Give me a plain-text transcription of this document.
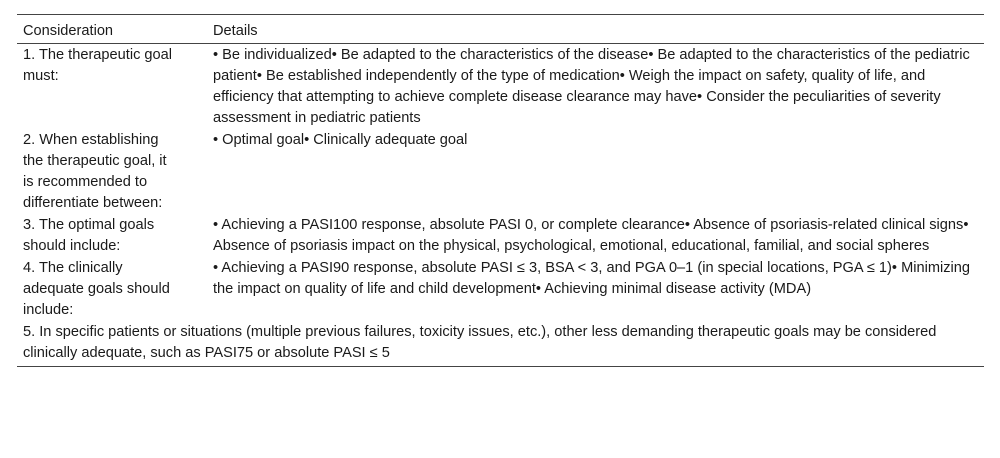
Consideration	Details
1. The therapeutic goal must:	• Be individualized• Be adapted to the characteristics of the disease• Be adapted to the characteristics of the pediatric patient• Be established independently of the type of medication• Weigh the impact on safety, quality of life, and efficiency that attempting to achieve complete disease clearance may have• Consider the peculiarities of severity assessment in pediatric patients
2. When establishing the therapeutic goal, it is recommended to differentiate between:	• Optimal goal• Clinically adequate goal
3. The optimal goals should include:	• Achieving a PASI100 response, absolute PASI 0, or complete clearance• Absence of psoriasis-related clinical signs• Absence of psoriasis impact on the physical, psychological, emotional, educational, familial, and social spheres
4. The clinically adequate goals should include:	• Achieving a PASI90 response, absolute PASI ≤ 3, BSA < 3, and PGA 0–1 (in special locations, PGA ≤ 1)• Minimizing the impact on quality of life and child development• Achieving minimal disease activity (MDA)
5. In specific patients or situations (multiple previous failures, toxicity issues, etc.), other less demanding therapeutic goals may be considered clinically adequate, such as PASI75 or absolute PASI ≤ 5	
